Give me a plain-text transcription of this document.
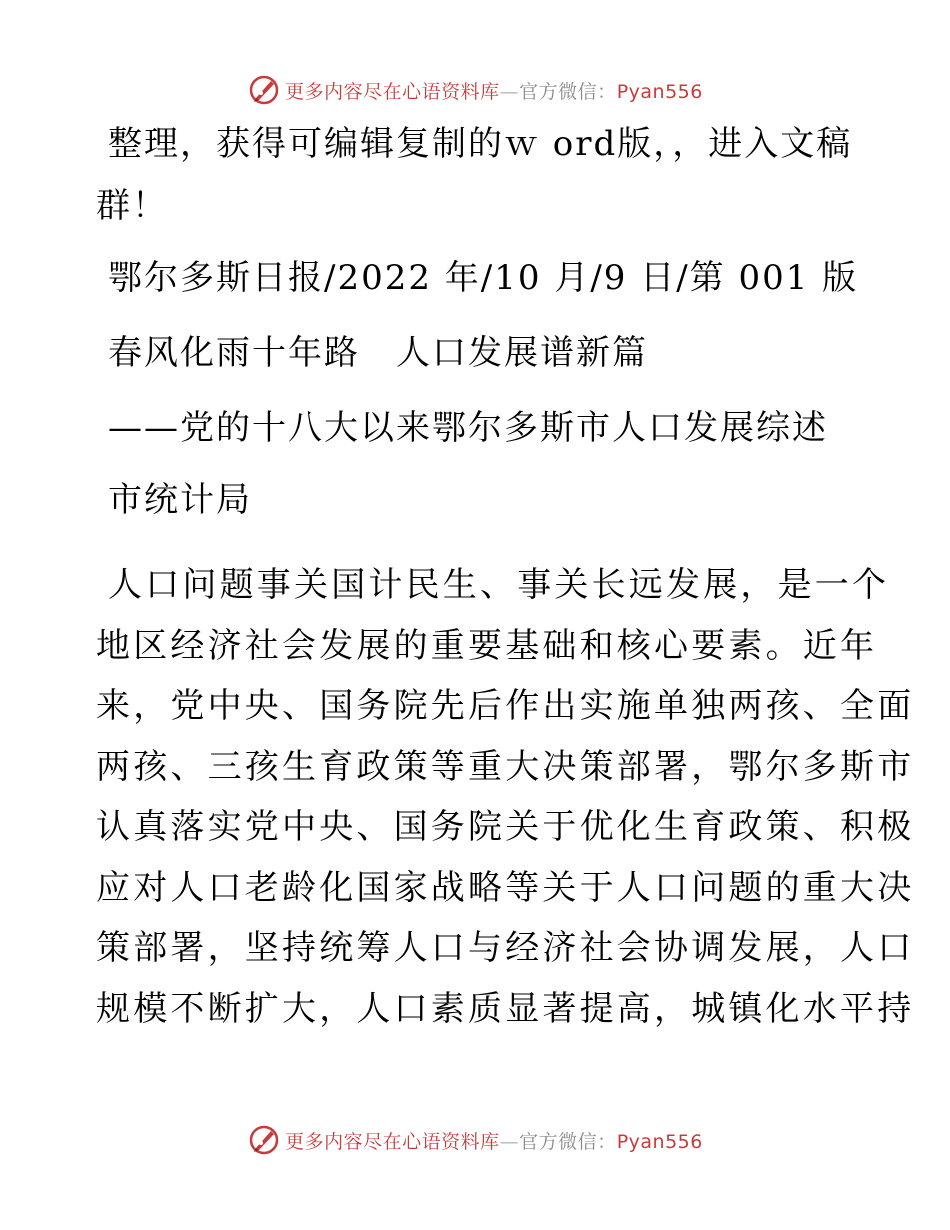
更多内容尽在心语资料库—官方微信：Pyan556
整理，获得可编辑复制的ｗ ord版，，进入文稿
群！
鄂尔多斯日报/2022 年/10 月/9 日/第 001 版
春风化雨十年路　人口发展谱新篇
——党的十八大以来鄂尔多斯市人口发展综述
市统计局
人口问题事关国计民生、事关长远发展，是一个
地区经济社会发展的重要基础和核心要素。近年
来，党中央、国务院先后作出实施单独两孩、全面
两孩、三孩生育政策等重大决策部署，鄂尔多斯市
认真落实党中央、国务院关于优化生育政策、积极
应对人口老龄化国家战略等关于人口问题的重大决
策部署，坚持统筹人口与经济社会协调发展，人口
规模不断扩大，人口素质显著提高，城镇化水平持
更多内容尽在心语资料库—官方微信：Pyan556
